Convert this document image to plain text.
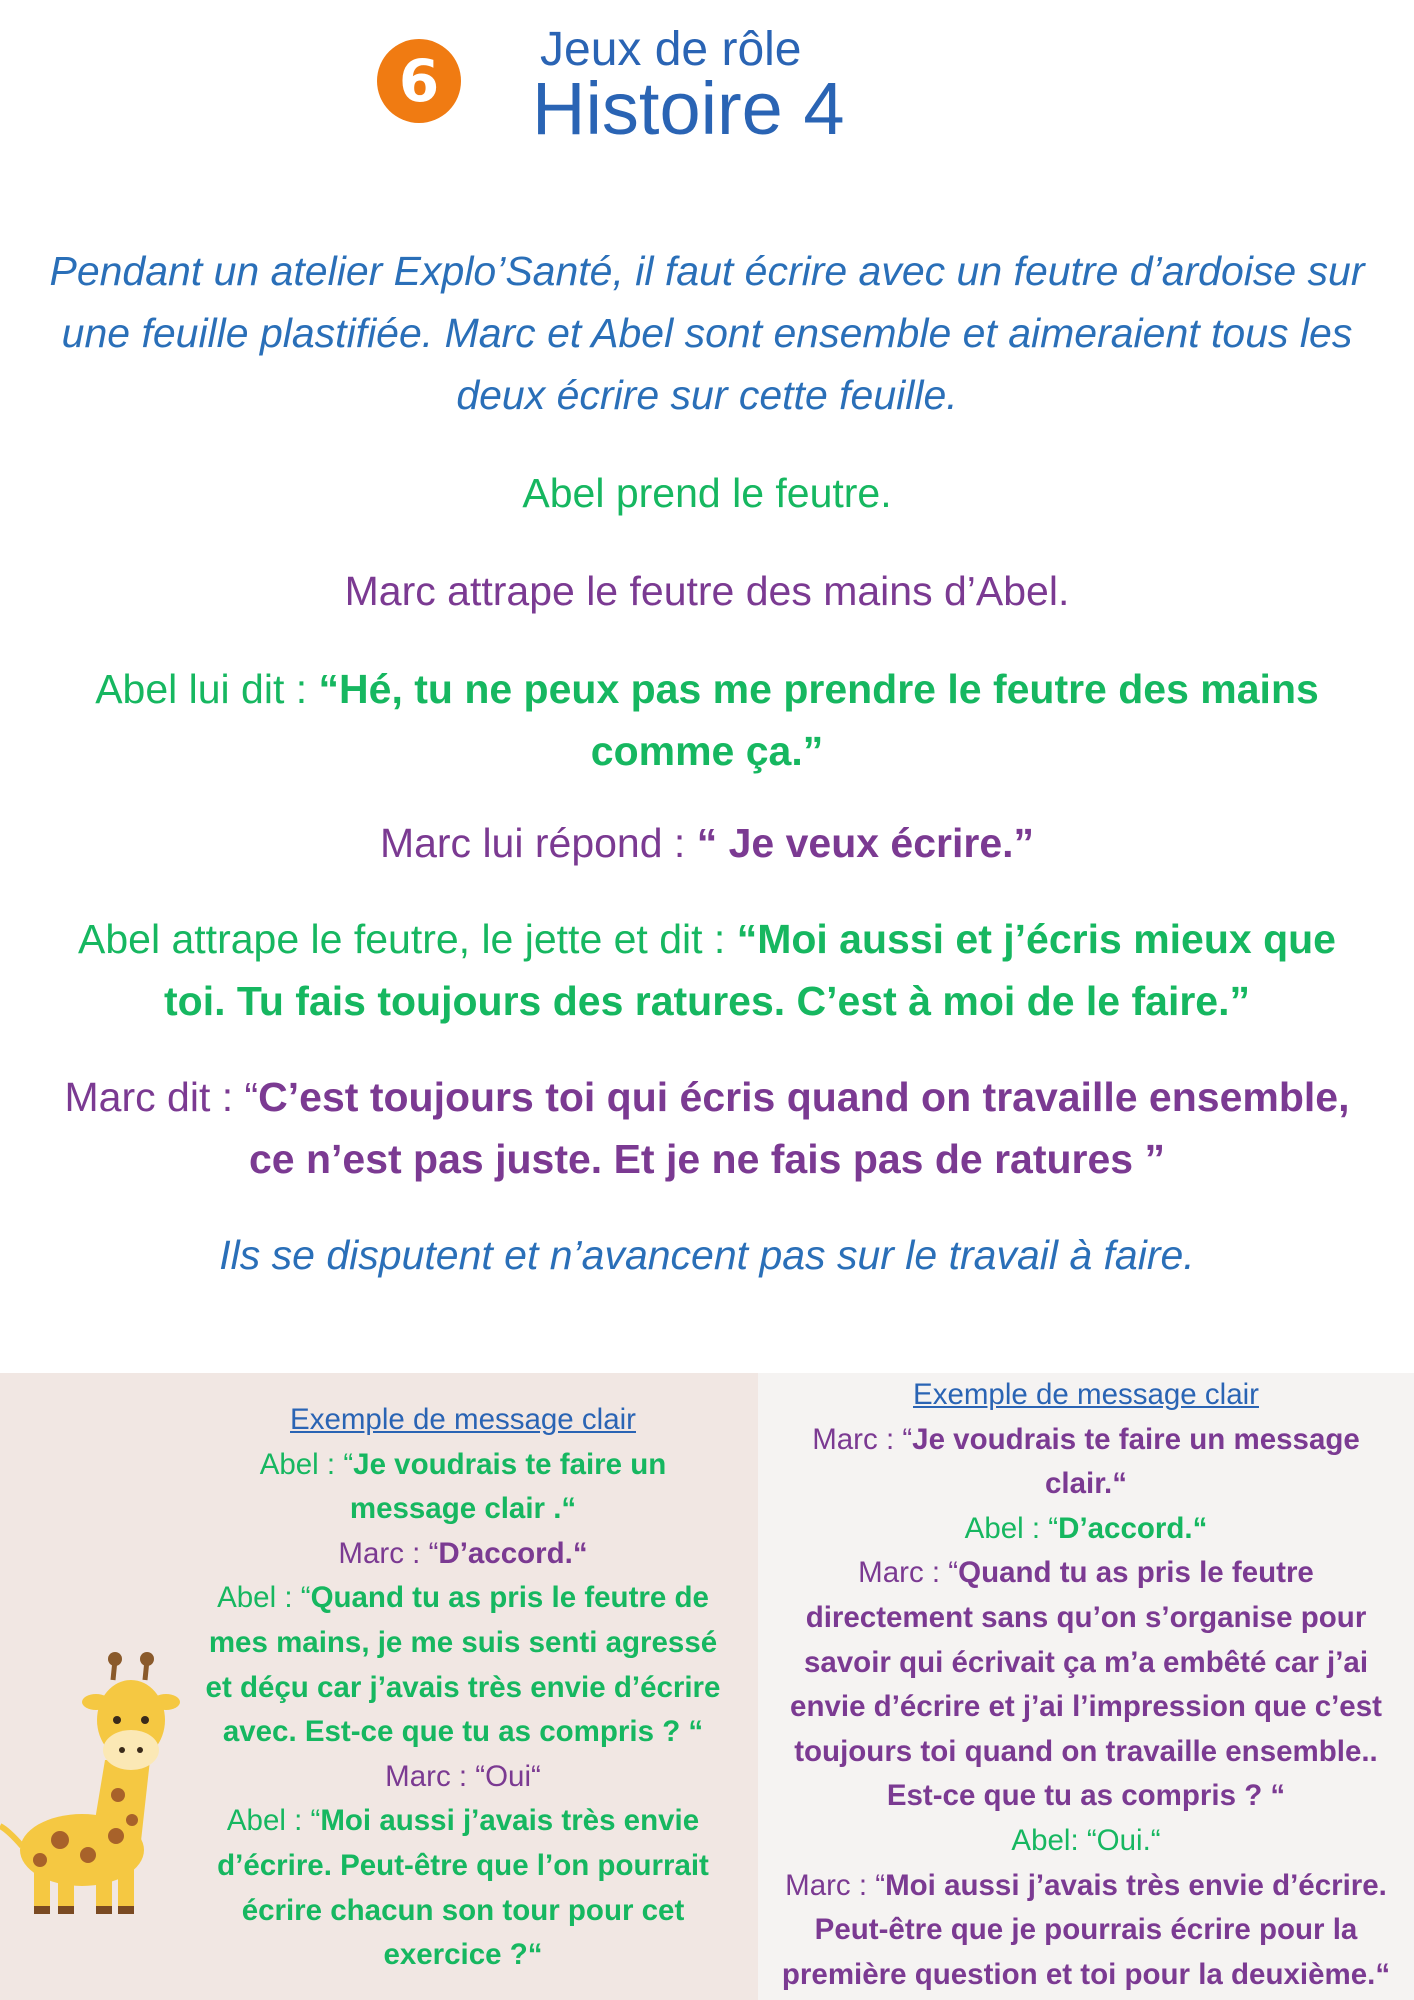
6	Jeux de rôle
Histoire 4

Pendant un atelier Explo’Santé, il faut écrire avec un feutre d’ardoise sur

une feuille plastifiée. Marc et Abel sont ensemble et aimeraient tous les

deux écrire sur cette feuille.

Abel prend le feutre.

Marc attrape le feutre des mains d’Abel.

Abel lui dit : “Hé, tu ne peux pas me prendre le feutre des mains

comme ça.”

Marc lui répond : “ Je veux écrire.”

Abel attrape le feutre, le jette et dit : “Moi aussi et j’écris mieux que

toi. Tu fais toujours des ratures. C’est à moi de le faire.”

Marc dit : “C’est toujours toi qui écris quand on travaille ensemble,

ce n’est pas juste. Et je ne fais pas de ratures ”

Ils se disputent et n’avancent pas sur le travail à faire.

Exemple de message clair

Abel : “Je voudrais te faire un

message clair .“

Marc : “D’accord.“

Abel : “Quand tu as pris le feutre de

mes mains, je me suis senti agressé

et déçu car j’avais très envie d’écrire

avec. Est-ce que tu as compris ? “

Marc : “Oui“

Abel : “Moi aussi j’avais très envie

d’écrire. Peut-être que l’on pourrait

écrire chacun son tour pour cet

exercice ?“

Exemple de message clair

Marc : “Je voudrais te faire un message

clair.“

Abel : “D’accord.“

Marc : “Quand tu as pris le feutre

directement sans qu’on s’organise pour

savoir qui écrivait ça m’a embêté car j’ai

envie d’écrire et j’ai l’impression que c’est

toujours toi quand on travaille ensemble..

Est-ce que tu as compris ? “

Abel: “Oui.“

Marc : “Moi aussi j’avais très envie d’écrire.

Peut-être que je pourrais écrire pour la

première question et toi pour la deuxième.“
